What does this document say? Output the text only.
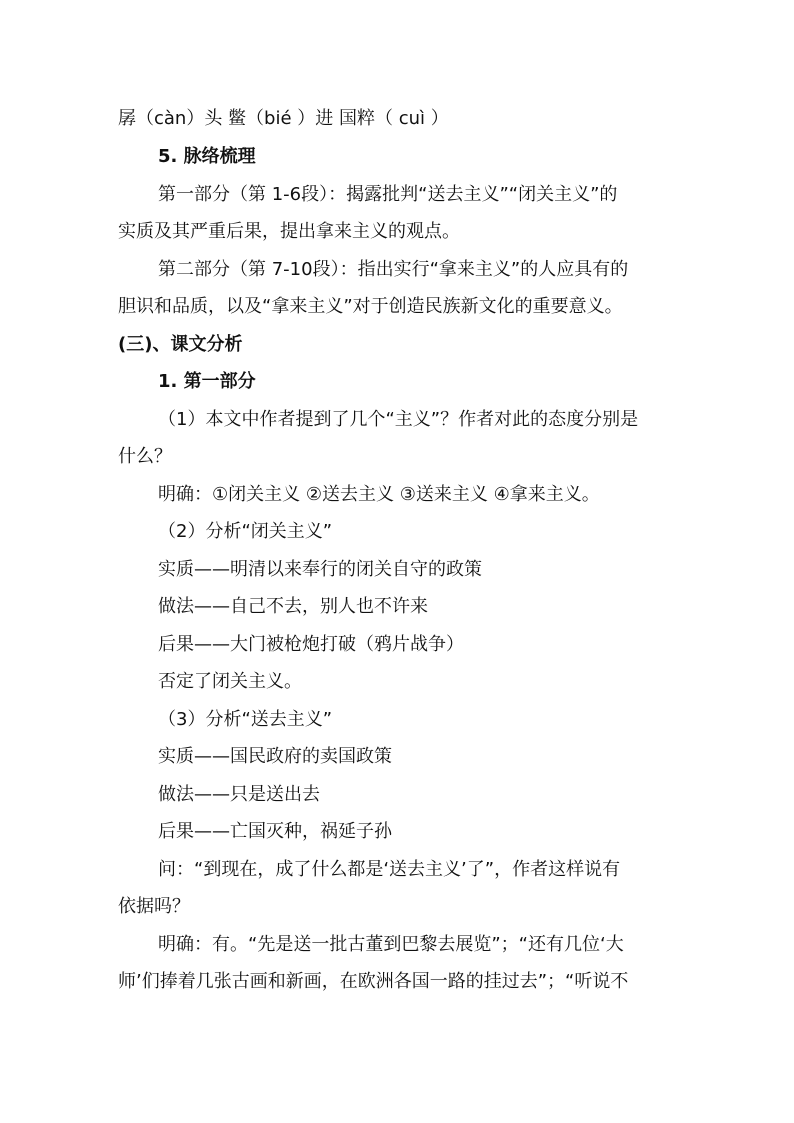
孱（càn）头 鳖（bié ）进 国粹（ cuì ）
5. 脉络梳理
第一部分（第 1-6段）：揭露批判“送去主义”“闭关主义”的
实质及其严重后果，提出拿来主义的观点。
第二部分（第 7-10段）：指出实行“拿来主义”的人应具有的
胆识和品质，以及“拿来主义”对于创造民族新文化的重要意义。
(三)、课文分析
1. 第一部分
（1）本文中作者提到了几个“主义”？作者对此的态度分别是
什么？
明确：①闭关主义 ②送去主义 ③送来主义 ④拿来主义。
（2）分析“闭关主义”
实质——明清以来奉行的闭关自守的政策
做法——自己不去，别人也不许来
后果——大门被枪炮打破（鸦片战争）
否定了闭关主义。
（3）分析“送去主义”
实质——国民政府的卖国政策
做法——只是送出去
后果——亡国灭种，祸延子孙
问：“到现在，成了什么都是‘送去主义’了”，作者这样说有
依据吗？
明确：有。“先是送一批古董到巴黎去展览”；“还有几位‘大
师’们捧着几张古画和新画，在欧洲各国一路的挂过去”；“听说不
